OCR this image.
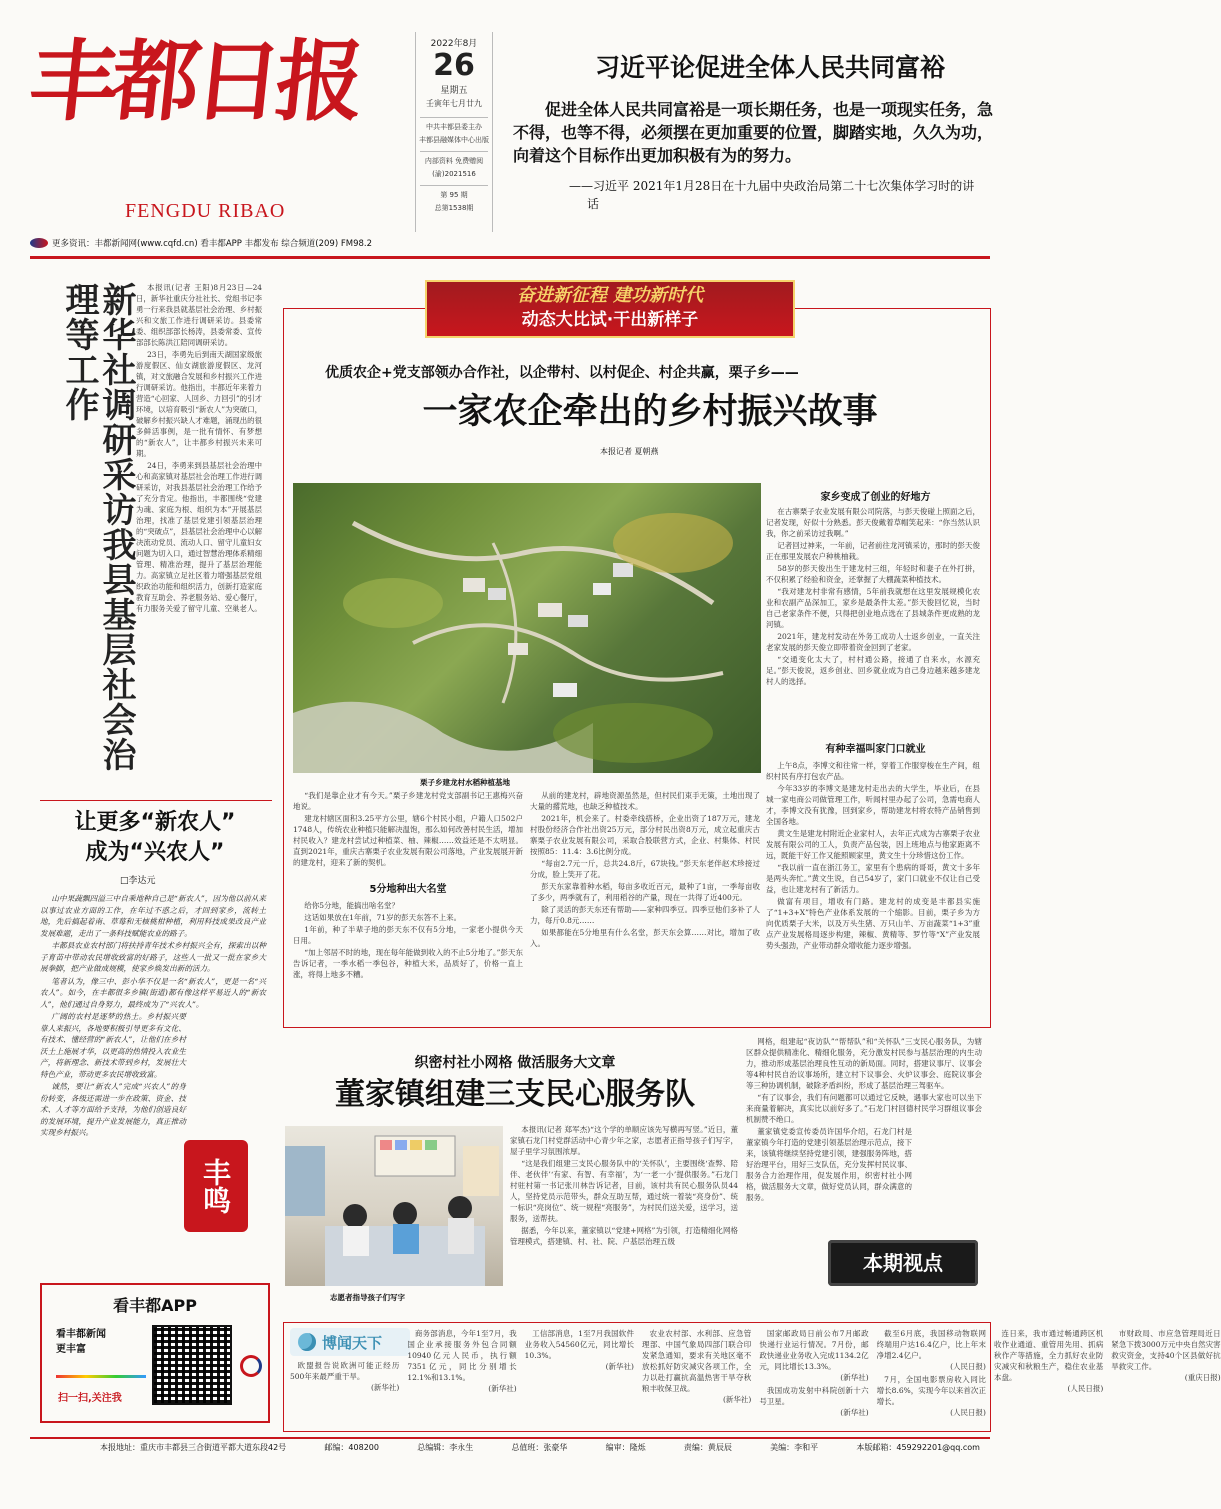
丰都日报
FENGDU RIBAO
2022年8月
26
星期五
壬寅年七月廿九
中共丰都县委主办
丰都县融媒体中心出版
内部资料 免费赠阅
(渝)2021516
第 95 期
总第1538期
习近平论促进全体人民共同富裕
促进全体人民共同富裕是一项长期任务，也是一项现实任务，急不得，也等不得，必须摆在更加重要的位置，脚踏实地，久久为功，向着这个目标作出更加积极有为的努力。
——习近平 2021年1月28日在十九届中央政治局第二十七次集体学习时的讲话
更多资讯：丰都新闻网(www.cqfd.cn) 看丰都APP 丰都发布 综合频道(209) FM98.2
新华社调研采访我县基层社会治理等工作	本报讯(记者 王阳)8月23日—24日，新华社重庆分社社长、党组书记李勇一行来我县就基层社会治理、乡村振兴和文旅工作进行调研采访。县委常委、组织部部长杨涛，县委常委、宣传部部长陈洪江陪同调研采访。

23日，李勇先后到南天湖国家级旅游度假区、仙女湖旅游度假区、龙河镇，对文旅融合发展和乡村振兴工作进行调研采访。他指出，丰都近年来着力营造“心回家、人回乡、力回引”的引才环境，以培育吸引“新农人”为突破口，破解乡村振兴缺人才难题，涌现出的很多鲜活事例，是一批有情怀、有梦想的“新农人”，让丰都乡村振兴未来可期。

24日，李勇来到县基层社会治理中心和高家镇对基层社会治理工作进行调研采访，对我县基层社会治理工作给予了充分肯定。他指出，丰都围绕“党建为魂、家庭为根、组织为本”开展基层治理，找准了基层党建引领基层治理的“突破点”，县基层社会治理中心以解决流动党员、流动人口、留守儿童妇女问题为切入口，通过智慧治理体系精细管理、精准治理，提升了基层治理能力。高家镇立足社区着力增强基层党组织政治功能和组织活力，创新打造家庭教育互助会、养老服务站、爱心餐厅，有力服务关爱了留守儿童、空巢老人。

让更多“新农人”
成为“兴农人”
□李达元

山中果蔬飘四溢三中自乘地种自己是“新农人”，因为他以前从来以事过农业方面的工作，在年过不惑之后，才回到家乡，流转土地，先后搞起着南、草莓和无核桃柑种植，利用科技成果改良产业发展难题，走出了一条科技赋能农业的路子。

丰都县农业农村部门将扶持青年技术乡村振兴全有，探索出以种子育苗中带动农民增收致富的好路子，这些人一批又一批在家乡大展拳脚，把产业做成规模，使家乡焕发出新的活力。

笔者认为，像三中、彭小华不仅是一名“新农人”，更是一名“兴农人”。如今，在丰都很多乡镇(街道)都有像这样平易近人的“新农人”，他们通过自身努力，最终成为了“兴农人”。

广阔的农村是逐梦的热土。乡村振兴要靠人来振兴，各地要积极引导更多有文化、有技术、懂经营的“新农人”，让他们在乡村沃土上施展才华，以更高的热情投入农业生产，将新理念、新技术带到乡村，发展壮大特色产业，带动更多农民增收致富。

诚然，要让“新农人”完成“兴农人”的身份转变，各级还需进一步在政策、资金、技术、人才等方面给予支持，为他们创造良好的发展环境，提升产业发展能力，真正推动实现乡村振兴。

丰鸣
看丰都APP
看丰都新闻
更丰富
扫一扫,关注我
奋进新征程 建功新时代
动态大比试·干出新样子
优质农企+党支部领办合作社，以企带村、以村促企、村企共赢，栗子乡——
一家农企牵出的乡村振兴故事
本报记者 夏朝燕
栗子乡建龙村水稻种植基地
家乡变成了创业的好地方

在古寨栗子农业发展有限公司院落，与彭天俊碰上照面之后，记者发现，好似十分熟悉。彭天俊戴着草帽笑起来：“你当然认识我，你之前采访过我啊。”

记者回过神来，一年前，记者前往龙河镇采访，那时的彭天俊正在那里发展农户种桃柚栽。

58岁的彭天俊出生于建龙村三组，年轻时和妻子在外打拼，不仅积累了经验和资金，还掌握了大棚蔬菜种植技术。

“我对建龙村非常有感情，5年前我就想在这里发展规模化农业和农副产品深加工，家乡是最条件太差。”彭天俊回忆说，当时自己老家条件不便，只得把创业地点选在了县城条件更成熟的龙河镇。

2021年，建龙村发动在外务工成功人士返乡创业，一直关注老家发展的彭天俊立即带着资金回到了老家。

“交通变化太大了，村村通公路，接通了自来水，水源充足。”彭天俊说，返乡创业、回乡就业成为自己身边越来越多建龙村人的选择。

有种幸福叫家门口就业

上午8点，李博文和往常一样，穿着工作服穿梭在生产间，组织村民有序打包农产品。

今年33岁的李博文是建龙村走出去的大学生，毕业后，在县城一家电商公司做管理工作，听闻村里办起了公司，急需电商人才，李博文没有犹豫，回到家乡，帮助建龙村将农特产品销售到全国各地。

黄文生是建龙村附近企业家村人，去年正式成为古寨栗子农业发展有限公司的工人，负责产品包装，因上班地点与他家距离不远，既能干好工作又能照顾家里，黄文生十分珍惜这份工作。

“我以前一直在浙江务工，家里有个患病的哥哥，黄文十多年是两头奔忙。”黄文生说，自己54岁了，家门口就业不仅让自己受益，也让建龙村有了新活力。

做富有项目，增收有门路。建龙村的成变是丰都县实施了“1+3+X”特色产业体系发展的一个缩影。目前，栗子乡为方向优质栗子大米，以及万头生猪、万只山羊、万亩蔬菜“1+3”重点产业发展格局逐步构建，辣椒、黄精等、罗竹等“X”产业发展势头强劲，产业带动群众增收能力逐步增强。

“我们是靠企业才有今天。”栗子乡建龙村党支部副书记王惠梅兴奋地说。

建龙村辖区面积3.25平方公里，辖6个村民小组，户籍人口502户1748人，传统农业种植只能解决温饱，那么如何改善村民生活，增加村民收入？建龙村尝试过种植菜、柚、辣椒……效益还是不太明显。直到2021年，重庆古寨栗子农业发展有限公司落地，产业发展展开新的建龙村，迎来了新的契机。

5分地种出大名堂

给你5分地，能搞出啥名堂？

这话如果放在1年前，71岁的彭天东答不上来。

1年前，种了半辈子地的彭天东不仅有5分地，一家老小提供今天日用。

“加上邻居不时的地，现在每年能做到收入的不止5分地了。”彭天东告诉记者，一季水稻一季包谷，种植大米，品质好了，价格一直上涨，将得上地多不糟。

从前的建龙村，辟地资源虽然是，但村民们束手无策，土地出现了大量的撂荒地，也缺乏种植技术。

2021年，机会来了。村委牵线搭桥，企业出资了187万元，建龙村股份经济合作社出资25万元，部分村民出资8万元，成立起重庆古寨栗子农业发展有限公司，采取合股联营方式，企业、村集体、村民按照85：11.4：3.6比例分成。

“每亩2.7元一斤，总共24.8斤，67块钱。”彭天东老伴赵术珍接过分成，脸上笑开了花。

彭天东家靠着种水稻，每亩多收近百元，最种了1亩，一季每亩收了多少，两季就有了，利用稻谷的产量，现在一共得了近400元。

除了灵活的彭天东还有帮助——家种四季豆。四季豆他们多补了人力，每斤0.8元……

如果都能在5分地里有什么名堂，彭天东会算……对比，增加了收入。

织密村社小网格 做活服务大文章
董家镇组建三支民心服务队
志愿者指导孩子们写字

本报讯(记者 郑军杰)“这个学的单顺应该先写横再写竖。”近日，董家镇石龙门村党群活动中心青少年之家，志愿者正指导孩子们写字，屋子里学习氛围浓厚。

“这是我们组建三支民心服务队中的‘关怀队’，主要围绕‘查弊、陪伴、老伙伴’‘有家、有智、有幸福’，为‘一老一小’提供服务。”石龙门村驻村第一书记张川林告诉记者，目前，该村共有民心服务队员44人，坚持党员示范带头，群众互助互帮，通过统一着装“亮身份”、统一标识“亮岗位”、统一规程“亮服务”，为村民们送关爱，送学习，送服务，送帮扶。

据悉，今年以来，董家镇以“党建+网格”为引领，打造精细化网格管理模式，搭建镇、村、社、院、户基层治理五级

网格，组建起“夜访队”“帮帮队”和“关怀队”三支民心服务队，为辖区群众提供精准化、精细化服务，充分激发村民参与基层治理的内生动力，推动形成基层治理良性互动的新局面。同时，搭建议事厅、议事会等4种村民自治议事场所，建立村下议事会、火炉议事会、庭院议事会等三种协调机制，破除矛盾纠纷，形成了基层治理三驾驱车。

“有了议事会，我们有问题都可以通过它反映，遇事大家也可以坐下来商量着解决，真实比以前好多了。”石龙门村回德村民学习群组议事会机制赞不绝口。

董家镇党委宣传委员许国华介绍，石龙门村是董家镇今年打造的党建引领基层治理示范点，接下来，该镇将继续坚持党建引领，建强服务阵地，搭好治理平台，用好三支队伍，充分发挥村民议事、服务合力治理作用，促发展作用，织密村社小网格，做活服务大文章，做好党员认同，群众满意的服务。

本期视点
博闻天下
欧盟报告说欧洲可能正经历500年来最严重干旱。
(新华社)
商务部消息，今年1至7月，我国企业承接服务外包合同额10940亿元人民币，执行额7351亿元，同比分别增长12.1%和13.1%。
(新华社)
工信部消息，1至7月我国软件业务收入54560亿元，同比增长10.3%。
(新华社)
农业农村部、水利部、应急管理部、中国气象局四部门联合印发紧急通知，要求有关地区毫不放松抓好防灾减灾各项工作，全力以赴打赢抗高温热害干旱夺秋粮丰收保卫战。
(新华社)
国家邮政局日前公布7月邮政快递行业运行情况。7月份，邮政快递业业务收入完成1134.2亿元，同比增长13.3%。
(新华社)
我国成功发射中科院创新十六号卫星。
(新华社)
截至6月底，我国移动物联网终端用户达16.4亿户，比上年末净增2.4亿户。
(人民日报)
7月，全国电影票房收入同比增长8.6%，实现今年以来首次正增长。
(人民日报)
连日来，我市通过畅通跨区机收作业通道、重管用先用、抓病秋作产等措施，全力抓好农业防灾减灾和秋粮生产，稳住农业基本盘。
(人民日报)
市财政局、市应急管理局近日紧急下拨3000万元中央自然灾害救灾资金，支持40个区县做好抗旱救灾工作。
(重庆日报)
本报地址：重庆市丰都县三合街道平都大道东段42号	邮编：408200	总编辑：李永生	总值班：张豪华	编审：隆烁	责编：黄辰辰	美编：李和平	本版邮箱：459292201@qq.com
